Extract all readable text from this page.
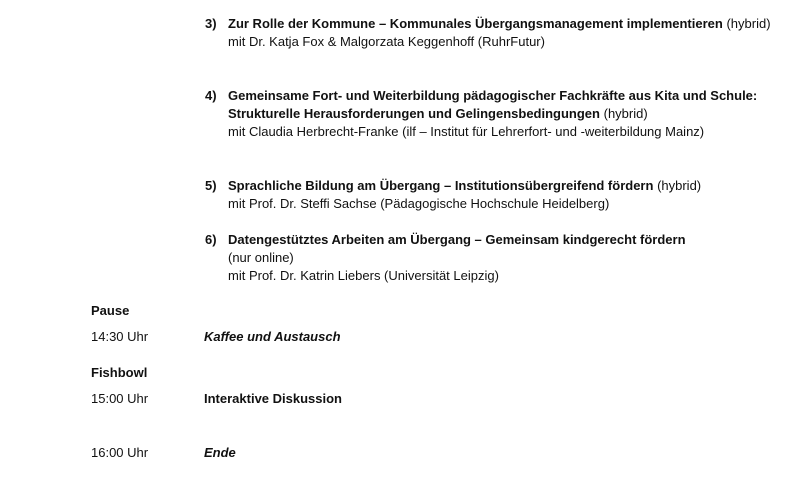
3) Zur Rolle der Kommune – Kommunales Übergangsmanagement implementieren (hybrid)
mit Dr. Katja Fox & Malgorzata Keggenhoff (RuhrFutur)
4) Gemeinsame Fort- und Weiterbildung pädagogischer Fachkräfte aus Kita und Schule: Strukturelle Herausforderungen und Gelingensbedingungen (hybrid)
mit Claudia Herbrecht-Franke (ilf – Institut für Lehrerfort- und -weiterbildung Mainz)
5) Sprachliche Bildung am Übergang – Institutionsübergreifend fördern (hybrid)
mit Prof. Dr. Steffi Sachse (Pädagogische Hochschule Heidelberg)
6) Datengestütztes Arbeiten am Übergang – Gemeinsam kindgerecht fördern
(nur online)
mit Prof. Dr. Katrin Liebers (Universität Leipzig)
Pause
14:30 Uhr	Kaffee und Austausch
Fishbowl
15:00 Uhr	Interaktive Diskussion
16:00 Uhr	Ende
